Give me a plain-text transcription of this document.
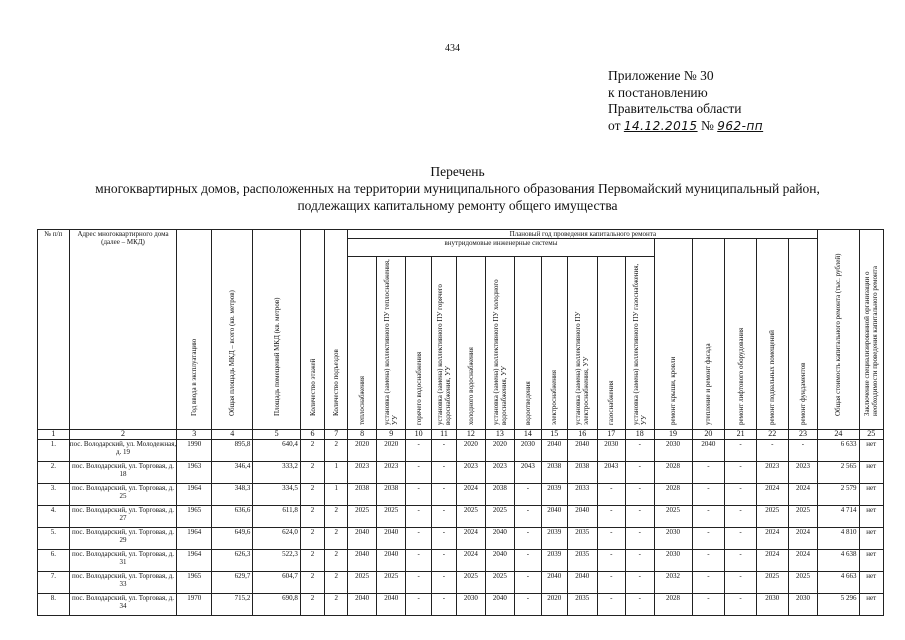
434
Приложение № 30
к постановлению
Правительства области
от 14.12.2015 № 962-пп
Перечень
многоквартирных домов, расположенных на территории муниципального образования Первомайский муниципальный район,
подлежащих капитальному ремонту общего имущества
№ п/п	Адрес многоквартирного дома (далее – МКД)	Год ввода в эксплуатацию	Общая площадь МКД – всего (кв. метров)	Площадь помещений МКД (кв. метров)	Количество этажей	Количество подъездов	Плановый год проведения капитального ремонта																Общая стоимость капитального ремонта (тыс. рублей)	Заключение специализированной организации о необходимости проведения капитального ремонта

							внутридомовые инженерные системы											ремонт крыши, кровли	утепление и ремонт фасада	ремонт лифтового оборудования	ремонт подвальных помещений	ремонт фундаментов		

							теплоснабжения	установка (замена) коллективного ПУ теплоснабжения, УУ	горячего водоснабжения	установка (замена) коллективного ПУ горячего водоснабжения, УУ	холодного водоснабжения	установка (замена) коллективного ПУ холодного водоснабжения, УУ	водоотведения	электроснабжения	установка (замена) коллективного ПУ электроснабжения, УУ	газоснабжения	установка (замена) коллективного ПУ газоснабжения, УУ							

1	2	3	4	5	6	7	8	9	10	11	12	13	14	15	16	17	18	19	20	21	22	23	24	25
1.	пос. Володарский, ул. Молодежная, д. 19	1990	895,8	640,4	2	2	2020	2020	-	-	2020	2020	2030	2040	2040	2030	-	2030	2040	-	-	-	6 633	нет
2.	пос. Володарский, ул. Торговая, д. 18	1963	346,4	333,2	2	1	2023	2023	-	-	2023	2023	2043	2038	2038	2043	-	2028	-	-	2023	2023	2 565	нет
3.	пос. Володарский, ул. Торговая, д. 25	1964	348,3	334,5	2	1	2038	2038	-	-	2024	2038	-	2039	2033	-	-	2028	-	-	2024	2024	2 579	нет
4.	пос. Володарский, ул. Торговая, д. 27	1965	636,6	611,8	2	2	2025	2025	-	-	2025	2025	-	2040	2040	-	-	2025	-	-	2025	2025	4 714	нет
5.	пос. Володарский, ул. Торговая, д. 29	1964	649,6	624,0	2	2	2040	2040	-	-	2024	2040	-	2039	2035	-	-	2030	-	-	2024	2024	4 810	нет
6.	пос. Володарский, ул. Торговая, д. 31	1964	626,3	522,3	2	2	2040	2040	-	-	2024	2040	-	2039	2035	-	-	2030	-	-	2024	2024	4 638	нет
7.	пос. Володарский, ул. Торговая, д. 33	1965	629,7	604,7	2	2	2025	2025	-	-	2025	2025	-	2040	2040	-	-	2032	-	-	2025	2025	4 663	нет
8.	пос. Володарский, ул. Торговая, д. 34	1970	715,2	690,8	2	2	2040	2040	-	-	2030	2040	-	2020	2035	-	-	2028	-	-	2030	2030	5 296	нет
